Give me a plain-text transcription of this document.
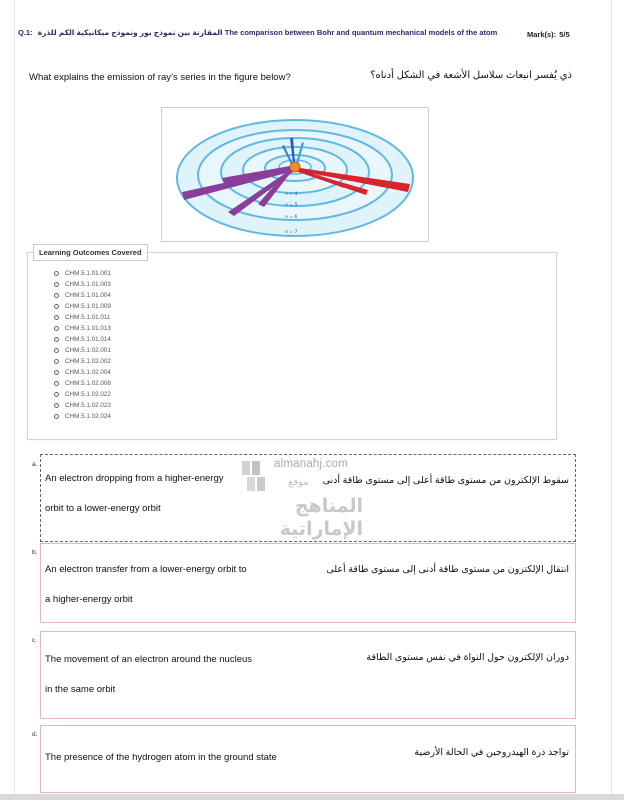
Q.1: المقارنة بين نموذج بور ونموذج ميكانيكية الكم للذرة The comparison between Bohr and quantum mechanical models of the atom	Mark(s): 5/5
What explains the emission of ray’s series in the figure below?	ذي يُفسر انبعاث سلاسل الأشعة في الشكل أدناه؟
n = 3
n = 4
n = 5
n = 6
n = 7
Learning Outcomes Covered
CHM.5.1.01.001
CHM.5.1.01.003
CHM.5.1.01.004
CHM.5.1.01.009
CHM.5.1.01.011
CHM.5.1.01.013
CHM.5.1.01.014
CHM.5.1.02.001
CHM.5.1.02.002
CHM.5.1.02.004
CHM.5.1.02.008
CHM.5.1.02.022
CHM.5.1.02.023
CHM.5.1.02.024
a.
An electron dropping from a higher-energy
orbit to a lower-energy orbit
سقوط الإلكترون من مستوى طاقة أعلى إلى مستوى طاقة أدنى
b.
An electron transfer from a lower-energy orbit to
a higher-energy orbit
انتقال الإلكترون من مستوى طاقة أدنى إلى مستوى طاقة أعلى
c.
The movement of an electron around the nucleus
in the same orbit
دوران الإلكترون حول النواة في نفس مستوى الطاقة
d.
The presence of the hydrogen atom in the ground state	تواجد ذرة الهيدروجين في الحالة الأرضية
almanahj.com
موقع
المناهج الإماراتية
